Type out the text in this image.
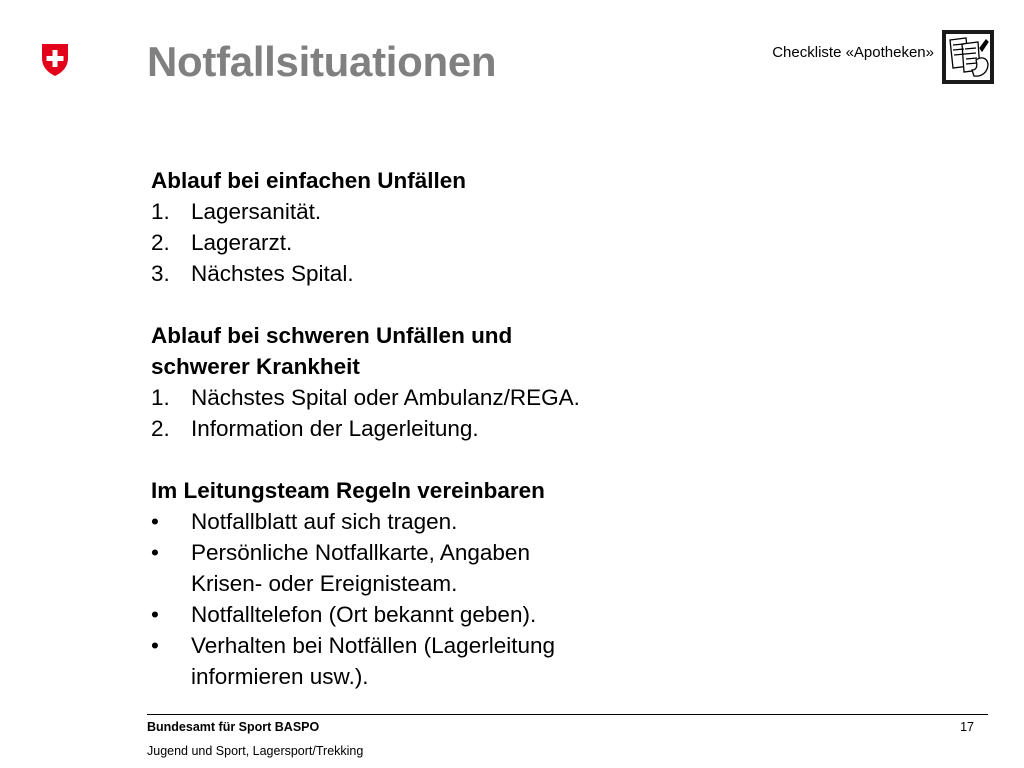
Notfallsituationen	Checkliste «Apotheken»

Ablauf bei einfachen Unfällen

1. Lagersanität.
2. Lagerarzt.
3. Nächstes Spital.

Ablauf bei schweren Unfällen und
schwerer Krankheit

1. Nächstes Spital oder Ambulanz/REGA.
2. Information der Lagerleitung.

Im Leitungsteam Regeln vereinbaren

•	Notfallblatt auf sich tragen.
•	Persönliche Notfallkarte, Angaben
Krisen- oder Ereignisteam.
•	Notfalltelefon (Ort bekannt geben).
•	Verhalten bei Notfällen (Lagerleitung
informieren usw.).
Bundesamt für Sport BASPO
Jugend und Sport, Lagersport/Trekking
17
